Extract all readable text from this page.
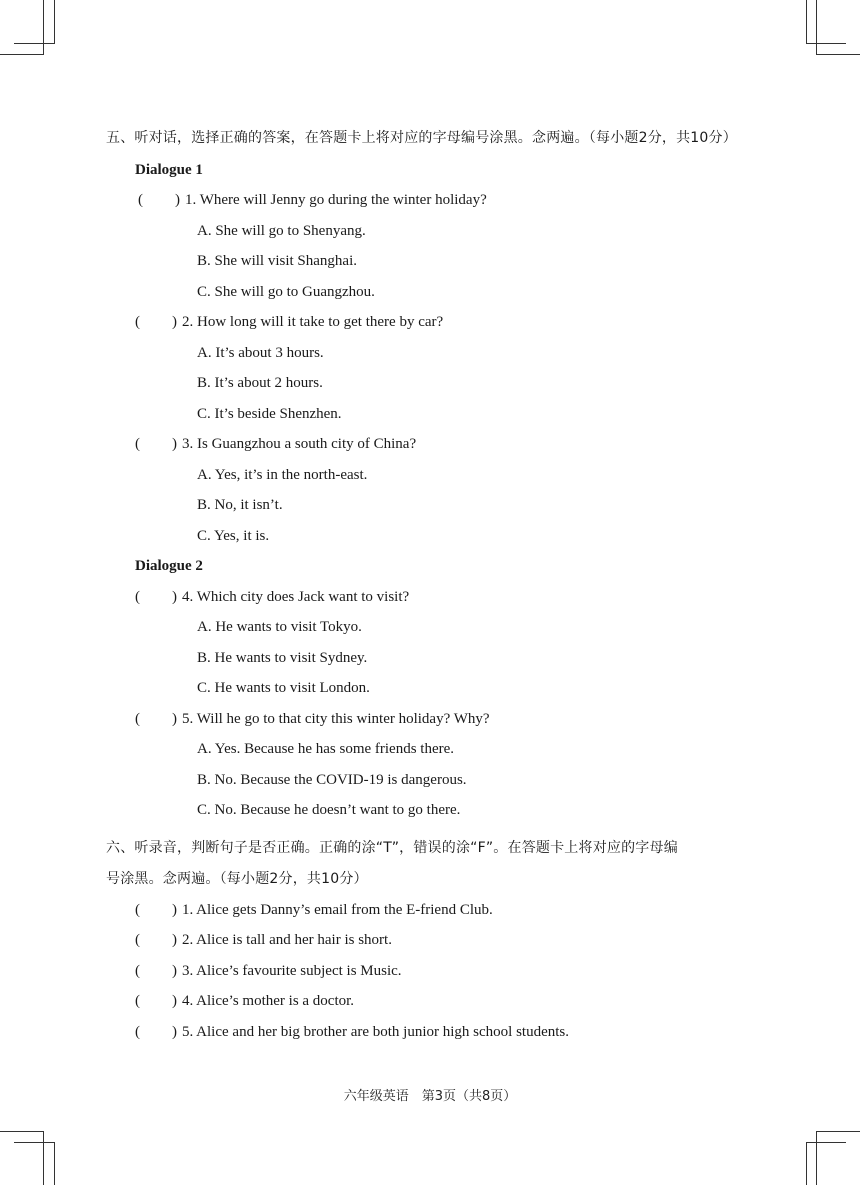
五、听对话，选择正确的答案，在答题卡上将对应的字母编号涂黑。念两遍。（每小题2分，共10分）
Dialogue 1
( ) 1. Where will Jenny go during the winter holiday?
A. She will go to Shenyang.
B. She will visit Shanghai.
C. She will go to Guangzhou.
( ) 2. How long will it take to get there by car?
A. It’s about 3 hours.
B. It’s about 2 hours.
C. It’s beside Shenzhen.
( ) 3. Is Guangzhou a south city of China?
A. Yes, it’s in the north-east.
B. No, it isn’t.
C. Yes, it is.
Dialogue 2
( ) 4. Which city does Jack want to visit?
A. He wants to visit Tokyo.
B. He wants to visit Sydney.
C. He wants to visit London.
( ) 5. Will he go to that city this winter holiday? Why?
A. Yes. Because he has some friends there.
B. No. Because the COVID-19 is dangerous.
C. No. Because he doesn’t want to go there.
六、听录音，判断句子是否正确。正确的涂“T”，错误的涂“F”。在答题卡上将对应的字母编
号涂黑。念两遍。（每小题2分，共10分）
( ) 1. Alice gets Danny’s email from the E-friend Club.
( ) 2. Alice is tall and her hair is short.
( ) 3. Alice’s favourite subject is Music.
( ) 4. Alice’s mother is a doctor.
( ) 5. Alice and her big brother are both junior high school students.
六年级英语　第3页（共8页）
